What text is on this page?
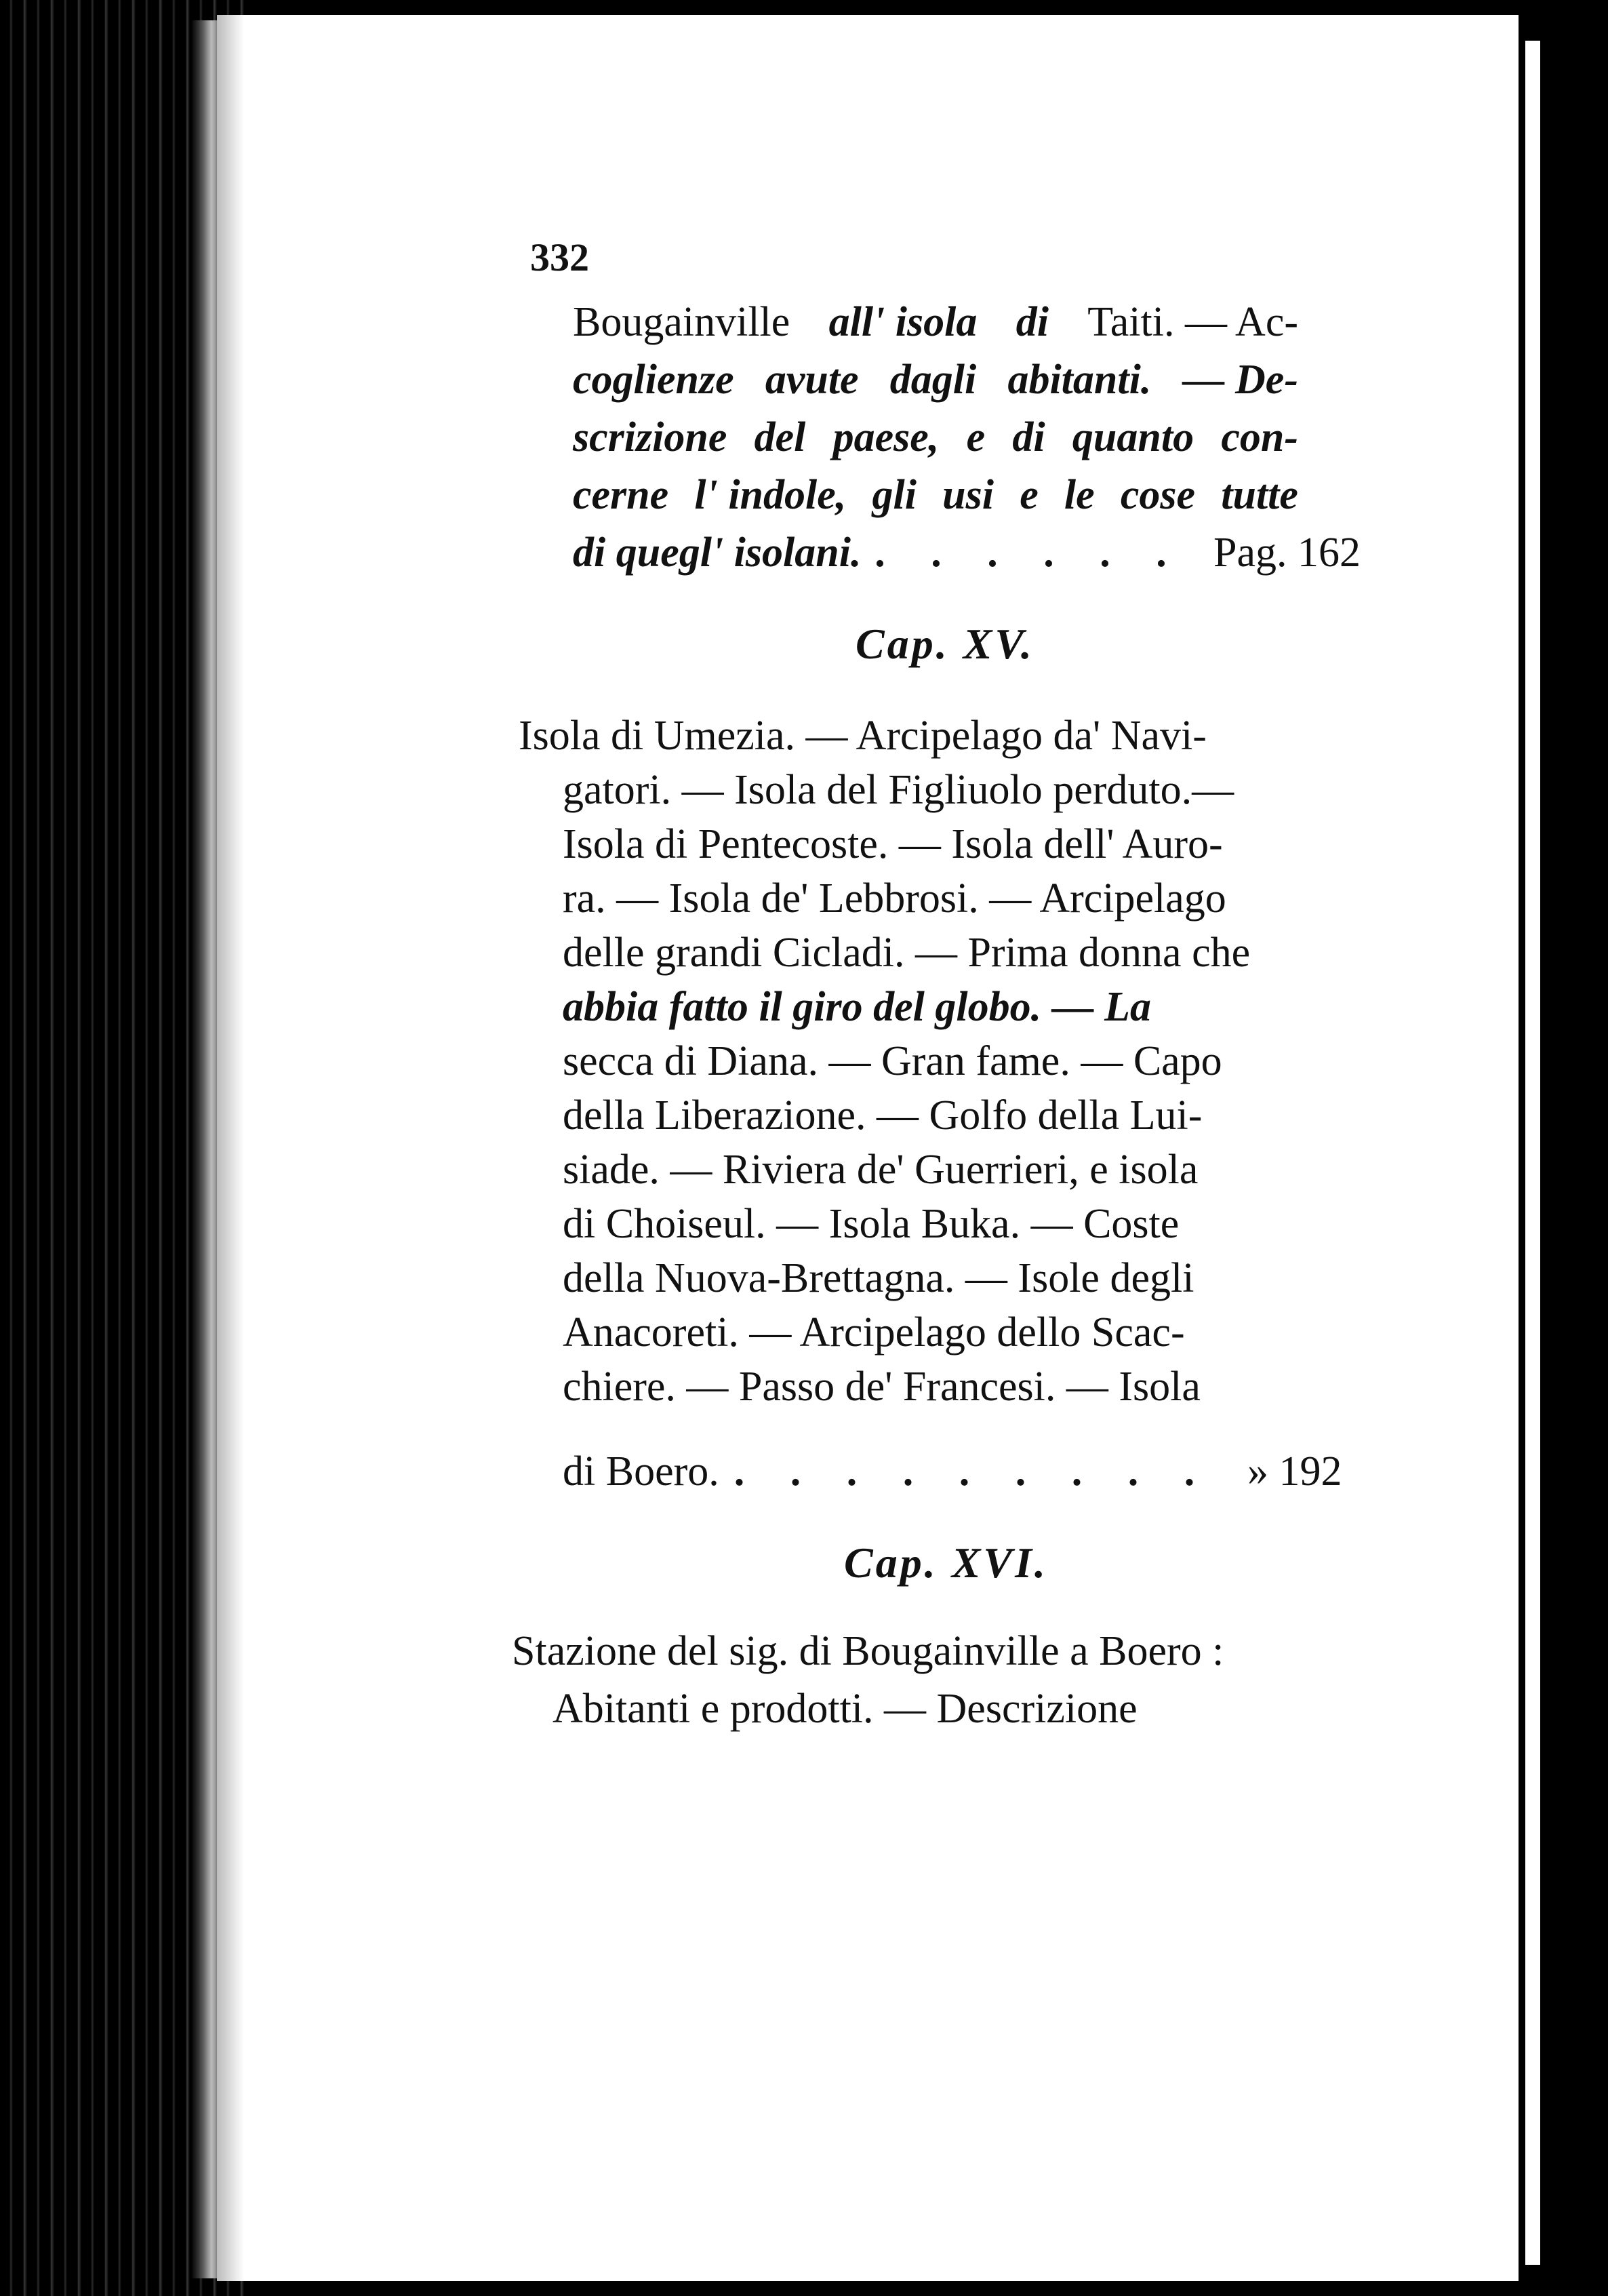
332
Bougainville all' isola di Taiti. — Ac-
coglienze avute dagli abitanti. — De-
scrizione del paese, e di quanto con-
cerne l' indole, gli usi e le cose tutte
di quegl' isolani. . . . . . . Pag. 162
Cap. XV.
Isola di Umezia. — Arcipelago da' Navi-
gatori. — Isola del Figliuolo perduto.—
Isola di Pentecoste. — Isola dell' Auro-
ra. — Isola de' Lebbrosi. — Arcipelago
delle grandi Cicladi. — Prima donna che
abbia fatto il giro del globo. — La
secca di Diana. — Gran fame. — Capo
della Liberazione. — Golfo della Lui-
siade. — Riviera de' Guerrieri, e isola
di Choiseul. — Isola Buka. — Coste
della Nuova-Brettagna. — Isole degli
Anacoreti. — Arcipelago dello Scac-
chiere. — Passo de' Francesi. — Isola
di Boero. . . . . . . . . . » 192
Cap. XVI.
Stazione del sig. di Bougainville a Boero :
Abitanti e prodotti. — Descrizione
